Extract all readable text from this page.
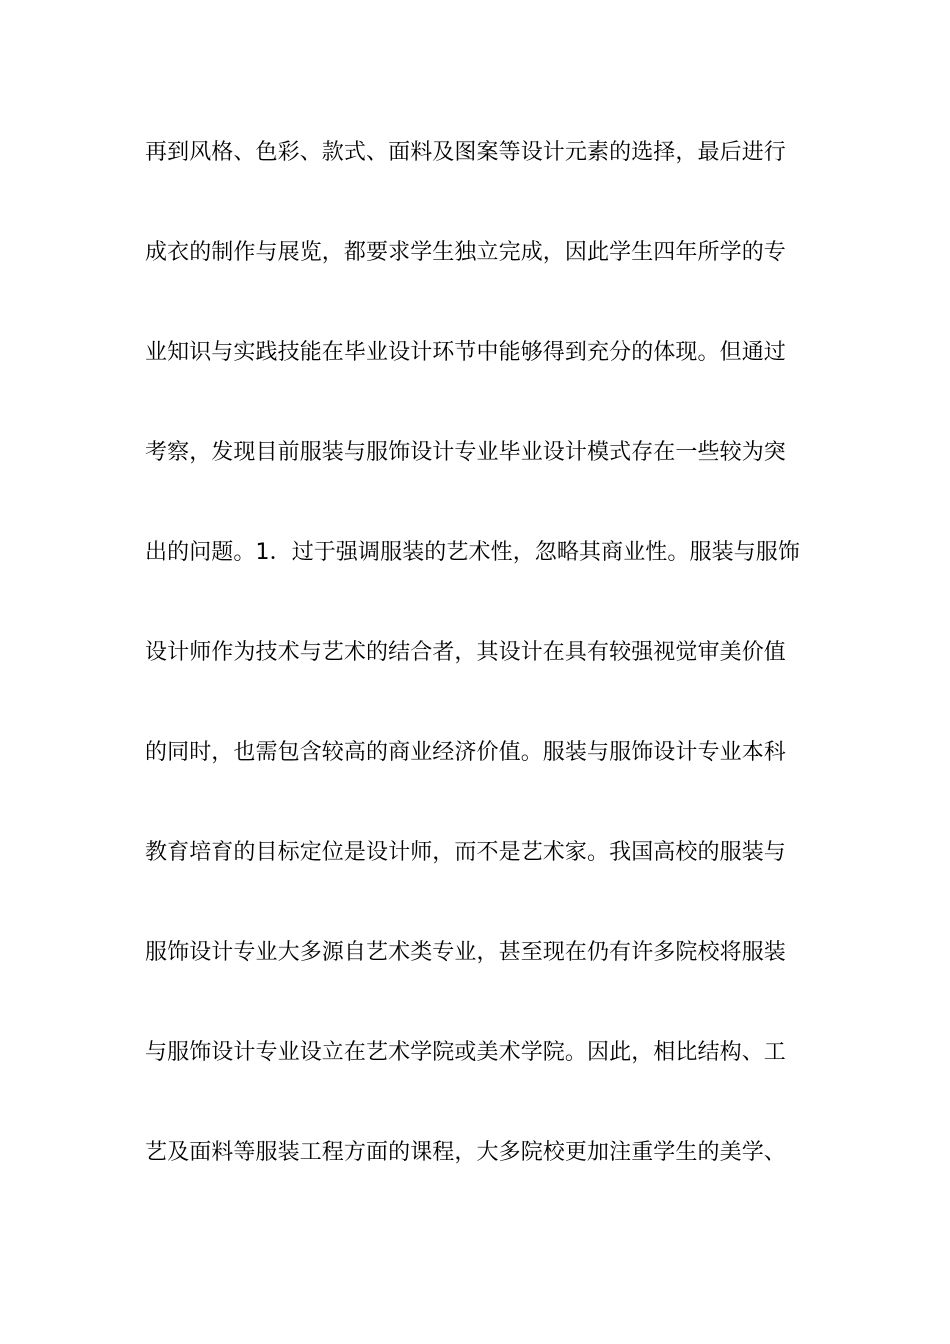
再到风格、色彩、款式、面料及图案等设计元素的选择，最后进行
成衣的制作与展览，都要求学生独立完成，因此学生四年所学的专
业知识与实践技能在毕业设计环节中能够得到充分的体现。但通过
考察，发现目前服装与服饰设计专业毕业设计模式存在一些较为突
出的问题。1．过于强调服装的艺术性，忽略其商业性。服装与服饰
设计师作为技术与艺术的结合者，其设计在具有较强视觉审美价值
的同时，也需包含较高的商业经济价值。服装与服饰设计专业本科
教育培育的目标定位是设计师，而不是艺术家。我国高校的服装与
服饰设计专业大多源自艺术类专业，甚至现在仍有许多院校将服装
与服饰设计专业设立在艺术学院或美术学院。因此，相比结构、工
艺及面料等服装工程方面的课程，大多院校更加注重学生的美学、
